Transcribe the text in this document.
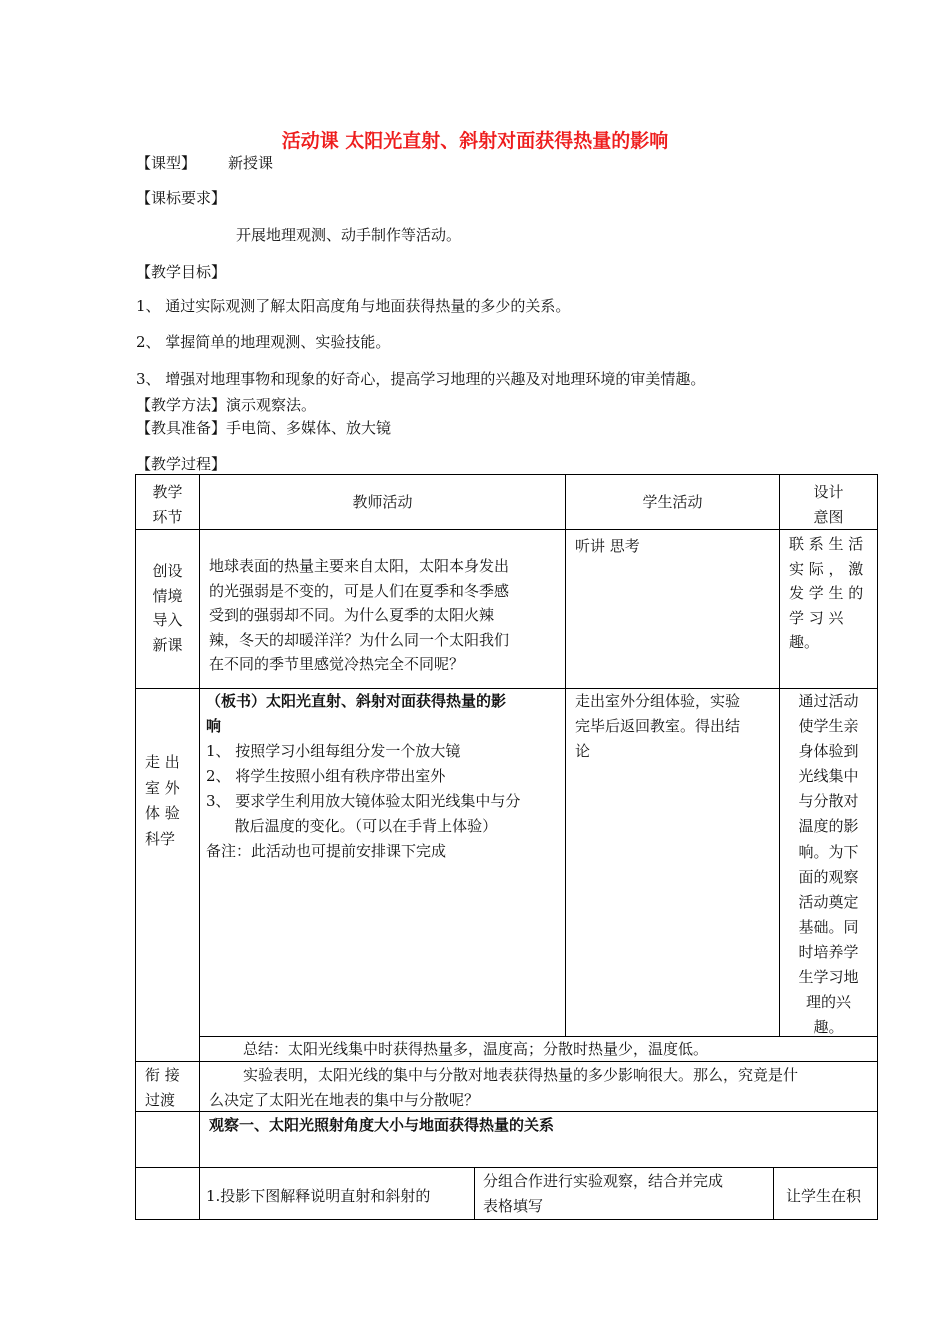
活动课 太阳光直射、斜射对面获得热量的影响
【课型】 新授课
【课标要求】
开展地理观测、动手制作等活动。
【教学目标】
1、 通过实际观测了解太阳高度角与地面获得热量的多少的关系。
2、 掌握简单的地理观测、实验技能。
3、 增强对地理事物和现象的好奇心，提高学习地理的兴趣及对地理环境的审美情趣。
【教学方法】演示观察法。
【教具准备】手电筒、多媒体、放大镜
【教学过程】
教学
环节
教师活动	学生活动
设计
意图
创设
情境
导入
新课
地球表面的热量主要来自太阳，太阳本身发出
的光强弱是不变的，可是人们在夏季和冬季感
受到的强弱却不同。为什么夏季的太阳火辣
辣，冬天的却暖洋洋？为什么同一个太阳我们
在不同的季节里感觉冷热完全不同呢？
听讲 思考	联 系 生 活
实 际 ， 激
发 学 生 的
学 习 兴
趣。
走 出
室 外
体 验
科学
（板书）太阳光直射、斜射对面获得热量的影
响
1、 按照学习小组每组分发一个放大镜
2、 将学生按照小组有秩序带出室外
3、 要求学生利用放大镜体验太阳光线集中与分
散后温度的变化。（可以在手背上体验）
备注：此活动也可提前安排课下完成
走出室外分组体验，实验
完毕后返回教室。得出结
论
通过活动
使学生亲
身体验到
光线集中
与分散对
温度的影
响。为下
面的观察
活动奠定
基础。同
时培养学
生学习地
理的兴
趣。
总结：太阳光线集中时获得热量多，温度高；分散时热量少，温度低。
衔 接
过渡
实验表明，太阳光线的集中与分散对地表获得热量的多少影响很大。那么，究竟是什
么决定了太阳光在地表的集中与分散呢？
观察一、太阳光照射角度大小与地面获得热量的关系
1.投影下图解释说明直射和斜射的
分组合作进行实验观察，结合并完成
表格填写
让学生在积
